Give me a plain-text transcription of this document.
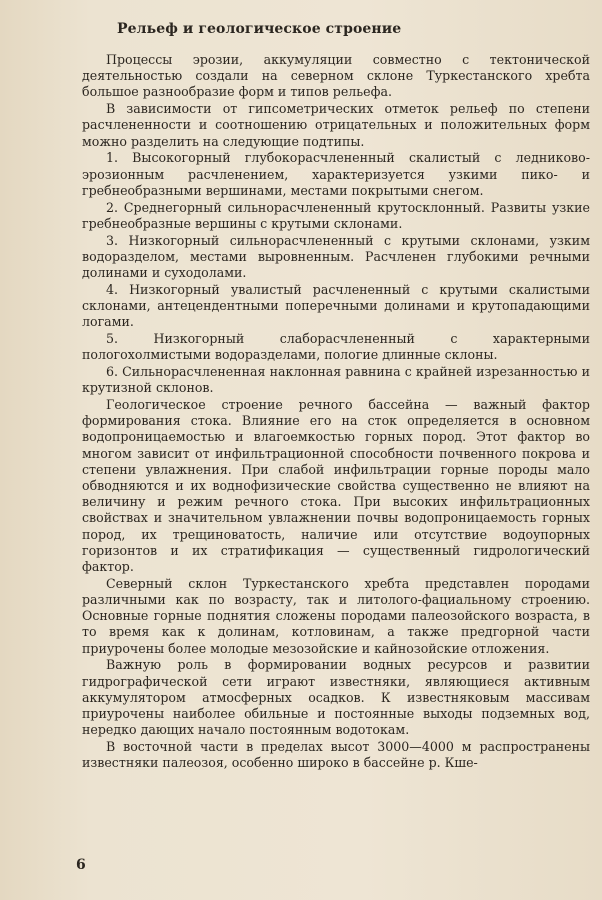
Рельеф и геологическое строение

Процессы эрозии, аккумуляции совместно с тектонической деятельностью создали на северном склоне Туркестанского хребта большое разнообразие форм и типов рельефа.

В зависимости от гипсометрических отметок рельеф по степени расчлененности и соотношению отрицательных и положительных форм можно разделить на следующие подтипы.

1. Высокогорный глубокорасчлененный скалистый с ледниково-эрозионным расчленением, характеризуется узкими пико- и гребнеобразными вершинами, местами покрытыми снегом.

2. Среднегорный сильнорасчлененный крутосклонный. Развиты узкие гребнеобразные вершины с крутыми склонами.

3. Низкогорный сильнорасчлененный с крутыми склонами, узким водоразделом, местами выровненным. Расчленен глубокими речными долинами и суходолами.

4. Низкогорный увалистый расчлененный с крутыми скалистыми склонами, антецендентными поперечными долинами и крутопадающими логами.

5. Низкогорный слаборасчлененный с характерными пологохолмистыми водоразделами, пологие длинные склоны.

6. Сильнорасчлененная наклонная равнина с крайней изрезанностью и крутизной склонов.

Геологическое строение речного бассейна — важный фактор формирования стока. Влияние его на сток определяется в основном водопроницаемостью и влагоемкостью горных пород. Этот фактор во многом зависит от инфильтрационной способности почвенного покрова и степени увлажнения. При слабой инфильтрации горные породы мало обводняются и их воднофизические свойства существенно не влияют на величину и режим речного стока. При высоких инфильтрационных свойствах и значительном увлажнении почвы водопроницаемость горных пород, их трещиноватость, наличие или отсутствие водоупорных горизонтов и их стратификация — существенный гидрологический фактор.

Северный склон Туркестанского хребта представлен породами различными как по возрасту, так и литолого-фациальному строению. Основные горные поднятия сложены породами палеозойского возраста, в то время как к долинам, котловинам, а также предгорной части приурочены более молодые мезозойские и кайнозойские отложения.

Важную роль в формировании водных ресурсов и развитии гидрографической сети играют известняки, являющиеся активным аккумулятором атмосферных осадков. К известняковым массивам приурочены наиболее обильные и постоянные выходы подземных вод, нередко дающих начало постоянным водотокам.

В восточной части в пределах высот 3000—4000 м распространены известняки палеозоя, особенно широко в бассейне р. Кше-

6
